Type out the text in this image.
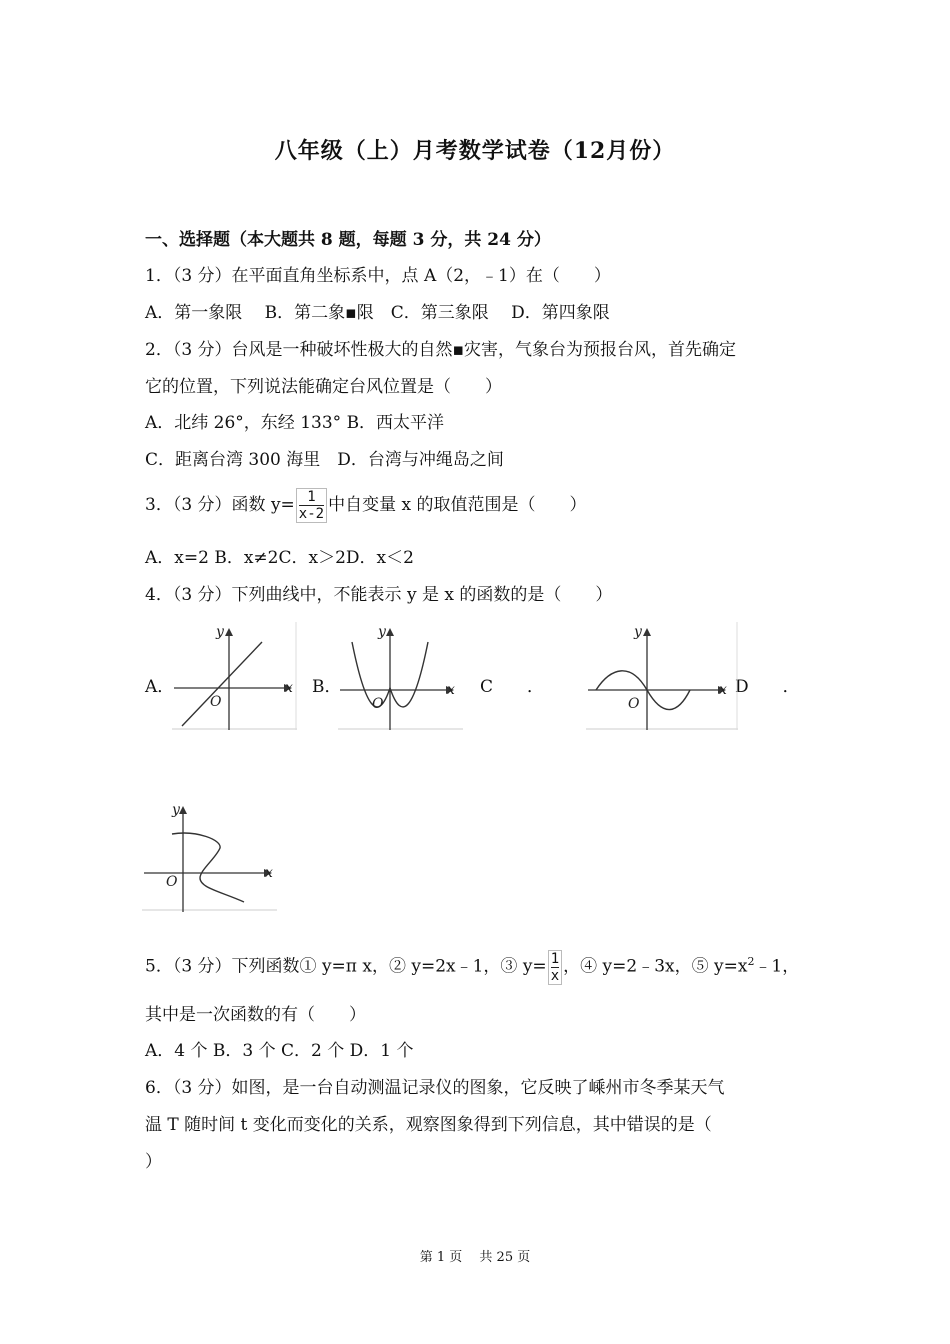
八年级（上）月考数学试卷（12月份）
一、选择题（本大题共 8 题，每题 3 分，共 24 分）
1．（3 分）在平面直角坐标系中，点 A（2，﹣1）在（　　）
A．第一象限　 B．第二象▪限　C．第三象限　 D．第四象限
2．（3 分）台风是一种破坏性极大的自然▪灾害，气象台为预报台风，首先确定
它的位置，下列说法能确定台风位置是（　　）
A．北纬 26°，东经 133° B．西太平洋
C．距离台湾 300 海里　D．台湾与冲绳岛之间
3．（3 分）函数 $y= \frac{1}{x-2}$ 中自变量 x 的取值范围是（　　）
A．x=2 B．x≠2C．x＞2D．x＜2
4．（3 分）下列曲线中，不能表示 y 是 x 的函数的是（　　）
A．	B．	C　　．	D　　．
x
y
O
x
y
O
x
y
O
x
y
O
5．（3 分）下列函数① y=π x，② y=2x﹣1，③ $y= \frac{1}{x}$ ，④ y=2﹣3x，⑤ $y=x^2﹣1$，
其中是一次函数的有（　　）
A．4 个 B．3 个 C．2 个 D．1 个
6．（3 分）如图，是一台自动测温记录仪的图象，它反映了嵊州市冬季某天气
温 T 随时间 t 变化而变化的关系，观察图象得到下列信息，其中错误的是（
）
第 1 页　 共 25 页
